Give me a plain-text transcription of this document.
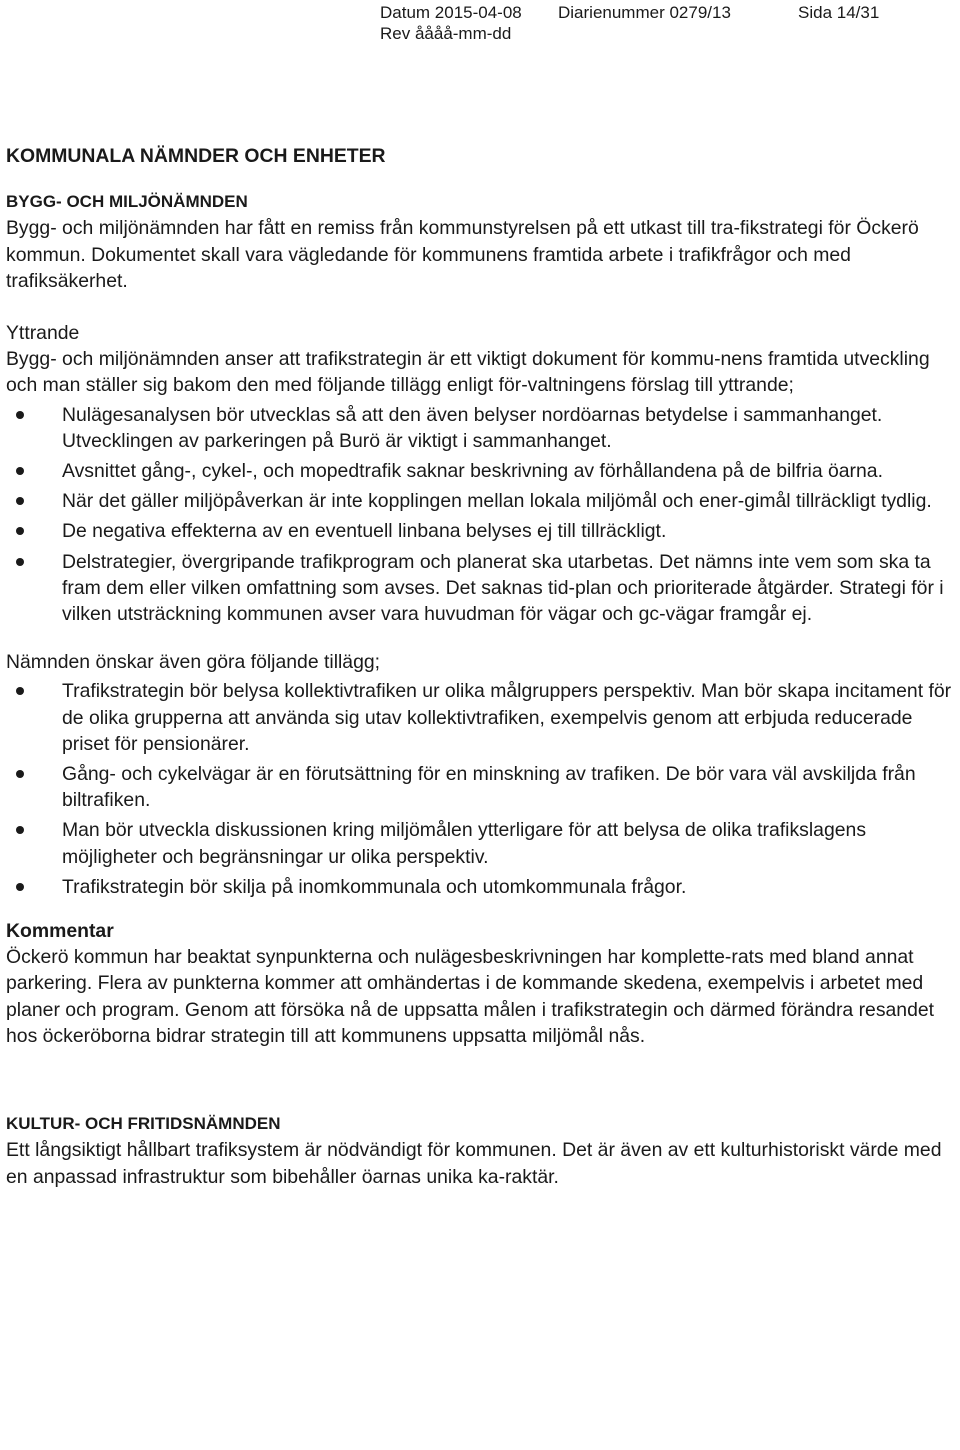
Datum 2015-04-08 Diarienummer 0279/13	Sida 14/31
Rev åååå-mm-dd
KOMMUNALA NÄMNDER OCH ENHETER
BYGG- OCH MILJÖNÄMNDEN

Bygg- och miljönämnden har fått en remiss från kommunstyrelsen på ett utkast till tra-fikstrategi för Öckerö kommun. Dokumentet skall vara vägledande för kommunens framtida arbete i trafikfrågor och med trafiksäkerhet.

Yttrande

Bygg- och miljönämnden anser att trafikstrategin är ett viktigt dokument för kommu-nens framtida utveckling och man ställer sig bakom den med följande tillägg enligt för-valtningens förslag till yttrande;

Nulägesanalysen bör utvecklas så att den även belyser nordöarnas betydelse i sammanhanget. Utvecklingen av parkeringen på Burö är viktigt i sammanhanget.
Avsnittet gång-, cykel-, och mopedtrafik saknar beskrivning av förhållandena på de bilfria öarna.
När det gäller miljöpåverkan är inte kopplingen mellan lokala miljömål och ener-gimål tillräckligt tydlig.
De negativa effekterna av en eventuell linbana belyses ej till tillräckligt.
Delstrategier, övergripande trafikprogram och planerat ska utarbetas. Det nämns inte vem som ska ta fram dem eller vilken omfattning som avses. Det saknas tid-plan och prioriterade åtgärder. Strategi för i vilken utsträckning kommunen avser vara huvudman för vägar och gc-vägar framgår ej.

Nämnden önskar även göra följande tillägg;

Trafikstrategin bör belysa kollektivtrafiken ur olika målgruppers perspektiv. Man bör skapa incitament för de olika grupperna att använda sig utav kollektivtrafiken, exempelvis genom att erbjuda reducerade priset för pensionärer.
Gång- och cykelvägar är en förutsättning för en minskning av trafiken. De bör vara väl avskiljda från biltrafiken.
Man bör utveckla diskussionen kring miljömålen ytterligare för att belysa de olika trafikslagens möjligheter och begränsningar ur olika perspektiv.
Trafikstrategin bör skilja på inomkommunala och utomkommunala frågor.
Kommentar

Öckerö kommun har beaktat synpunkterna och nulägesbeskrivningen har komplette-rats med bland annat parkering. Flera av punkterna kommer att omhändertas i de kommande skedena, exempelvis i arbetet med planer och program. Genom att försöka nå de uppsatta målen i trafikstrategin och därmed förändra resandet hos öckeröborna bidrar strategin till att kommunens uppsatta miljömål nås.

KULTUR- OCH FRITIDSNÄMNDEN

Ett långsiktigt hållbart trafiksystem är nödvändigt för kommunen. Det är även av ett kulturhistoriskt värde med en anpassad infrastruktur som bibehåller öarnas unika ka-raktär.
